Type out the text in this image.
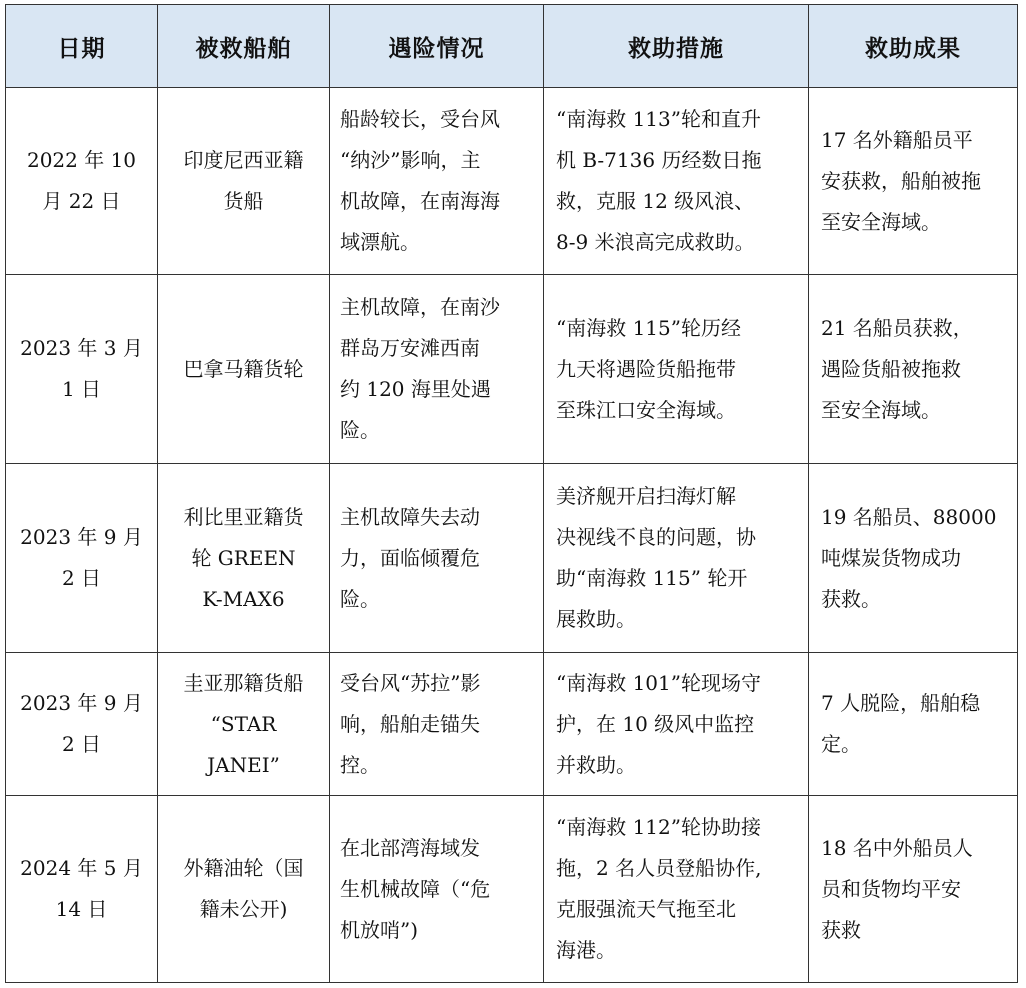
日期	被救船舶	遇险情况	救助措施	救助成果

2022 年 10
月 22 日	印度尼西亚籍
货船	船龄较长，受台风
“纳沙”影响，主
机故障，在南海海
域漂航。	“南海救 113”轮和直升
机 B-7136 历经数日拖
救，克服 12 级风浪、
8-9 米浪高完成救助。	17 名外籍船员平
安获救，船舶被拖
至安全海域。

2023 年 3 月
1 日	巴拿马籍货轮	主机故障，在南沙
群岛万安滩西南
约 120 海里处遇
险。	“南海救 115”轮历经
九天将遇险货船拖带
至珠江口安全海域。	21 名船员获救，
遇险货船被拖救
至安全海域。

2023 年 9 月
2 日	利比里亚籍货
轮 GREEN
K-MAX6	主机故障失去动
力，面临倾覆危
险。	美济舰开启扫海灯解
决视线不良的问题，协
助“南海救 115” 轮开
展救助。	19 名船员、88000
吨煤炭货物成功
获救。

2023 年 9 月
2 日	圭亚那籍货船
“STAR
JANEI”	受台风“苏拉”影
响，船舶走锚失
控。	“南海救 101”轮现场守
护，在 10 级风中监控
并救助。	7 人脱险，船舶稳
定。

2024 年 5 月
14 日	外籍油轮（国
籍未公开)	在北部湾海域发
生机械故障（“危
机放哨”)	“南海救 112”轮协助接
拖，2 名人员登船协作,
克服强流天气拖至北
海港。	18 名中外船员人
员和货物均平安
获救
